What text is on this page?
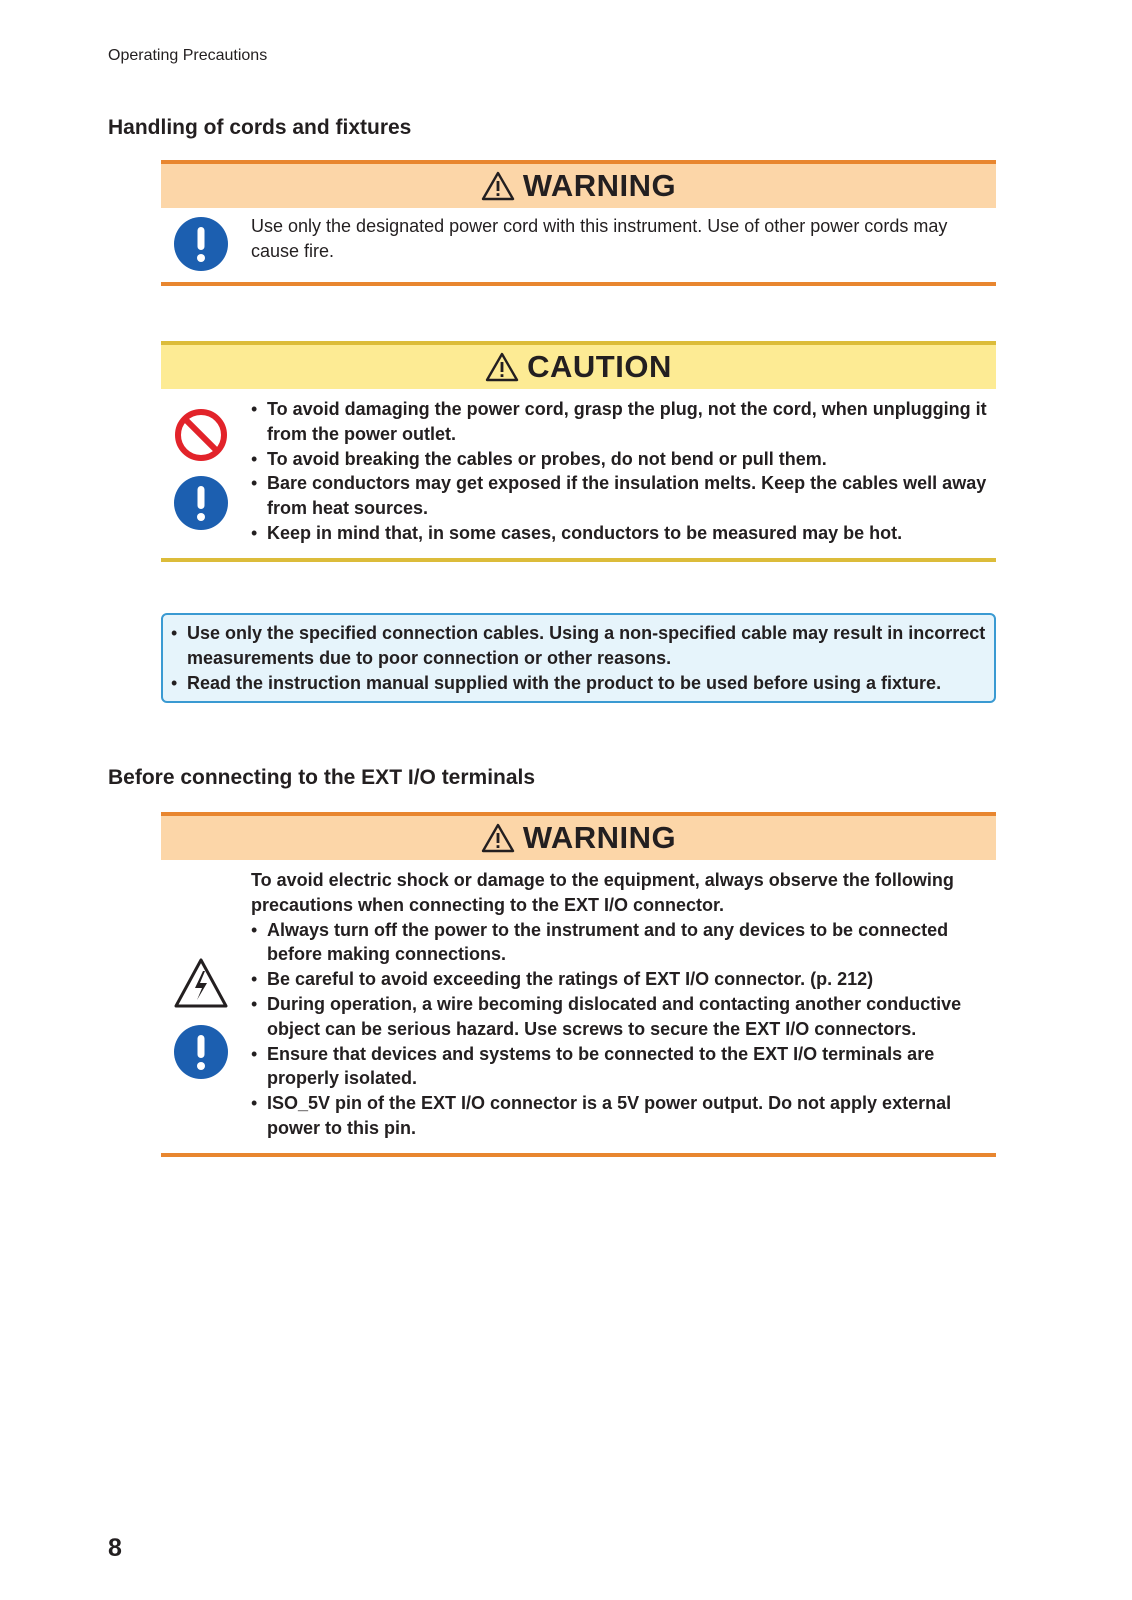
Operating Precautions
Handling of cords and fixtures
WARNING
Use only the designated power cord with this instrument. Use of other power cords may cause fire.
CAUTION
• To avoid damaging the power cord, grasp the plug, not the cord, when unplugging it from the power outlet.
• To avoid breaking the cables or probes, do not bend or pull them.
• Bare conductors may get exposed if the insulation melts. Keep the cables well away from heat sources.
• Keep in mind that, in some cases, conductors to be measured may be hot.
• Use only the specified connection cables. Using a non-specified cable may result in incorrect measurements due to poor connection or other reasons.
• Read the instruction manual supplied with the product to be used before using a fixture.
Before connecting to the EXT I/O terminals
WARNING
To avoid electric shock or damage to the equipment, always observe the following precautions when connecting to the EXT I/O connector.
• Always turn off the power to the instrument and to any devices to be connected before making connections.
• Be careful to avoid exceeding the ratings of EXT I/O connector. (p. 212)
• During operation, a wire becoming dislocated and contacting another conductive object can be serious hazard. Use screws to secure the EXT I/O connectors.
• Ensure that devices and systems to be connected to the EXT I/O terminals are properly isolated.
• ISO_5V pin of the EXT I/O connector is a 5V power output. Do not apply external power to this pin.
8
